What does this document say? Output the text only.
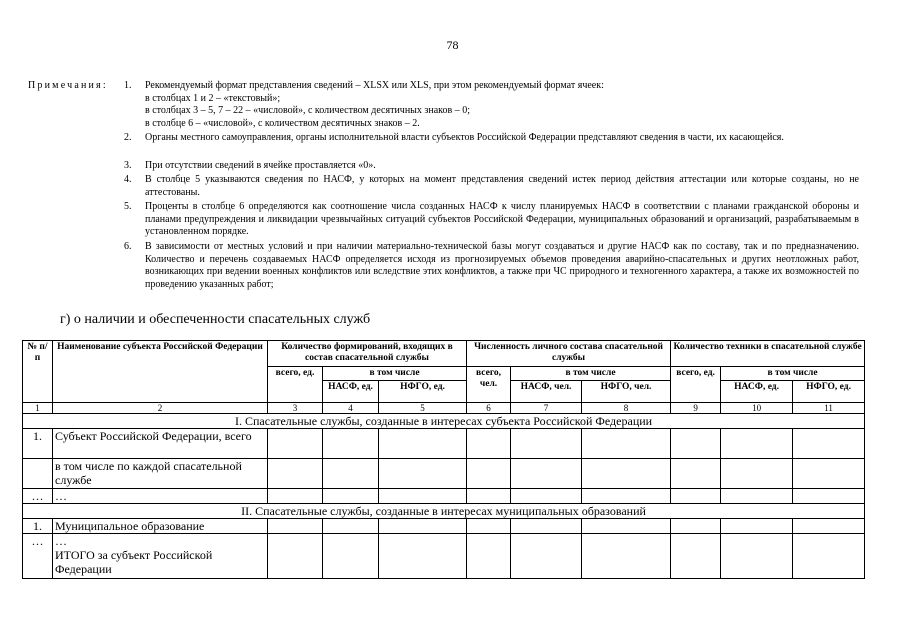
78
Примечания: 1.	Рекомендуемый формат представления сведений – XLSX или XLS, при этом рекомендуемый формат ячеек:
в столбцах 1 и 2 – «текстовый»;
в столбцах 3 – 5, 7 – 22 – «числовой», с количеством десятичных знаков – 0;
в столбце 6 – «числовой», с количеством десятичных знаков – 2.
2.	Органы местного самоуправления, органы исполнительной власти субъектов Российской Федерации представляют сведения в части, их касающейся.
3.	При отсутствии сведений в ячейке проставляется «0».
4.	В столбце 5 указываются сведения по НАСФ, у которых на момент представления сведений истек период действия аттестации или которые созданы, но не аттестованы.
5.	Проценты в столбце 6 определяются как соотношение числа созданных НАСФ к числу планируемых НАСФ в соответствии с планами гражданской обороны и планами предупреждения и ликвидации чрезвычайных ситуаций субъектов Российской Федерации, муниципальных образований и организаций, разрабатываемым в установленном порядке.
6.	В зависимости от местных условий и при наличии материально-технической базы могут создаваться и другие НАСФ как по составу, так и по предназначению. Количество и перечень создаваемых НАСФ определяется исходя из прогнозируемых объемов проведения аварийно-спасательных и других неотложных работ, возникающих при ведении военных конфликтов или вследствие этих конфликтов, а также при ЧС природного и техногенного характера, а также их возможностей по проведению указанных работ;
г) о наличии и обеспеченности спасательных служб
№ п/п	Наименование субъекта Российской Федерации	Количество формирований, входящих в состав спасательной службы			Численность личного состава спасательной службы			Количество техники в спасательной службе		
		всего, ед.	в том числе		всего, чел.	в том числе		всего, ед.	в том числе	
			НАСФ, ед.	НФГО, ед.		НАСФ, чел.	НФГО, чел.		НАСФ, ед.	НФГО, ед.
1	2	3	4	5	6	7	8	9	10	11
I. Спасательные службы, созданные в интересах субъекта Российской Федерации										
1.	Субъект Российской Федерации, всего									
	в том числе по каждой спасательной службе									
…	…									
II. Спасательные службы, созданные в интересах муниципальных образований										
1.	Муниципальное образование									
…	…
ИТОГО за субъект Российской Федерации									
